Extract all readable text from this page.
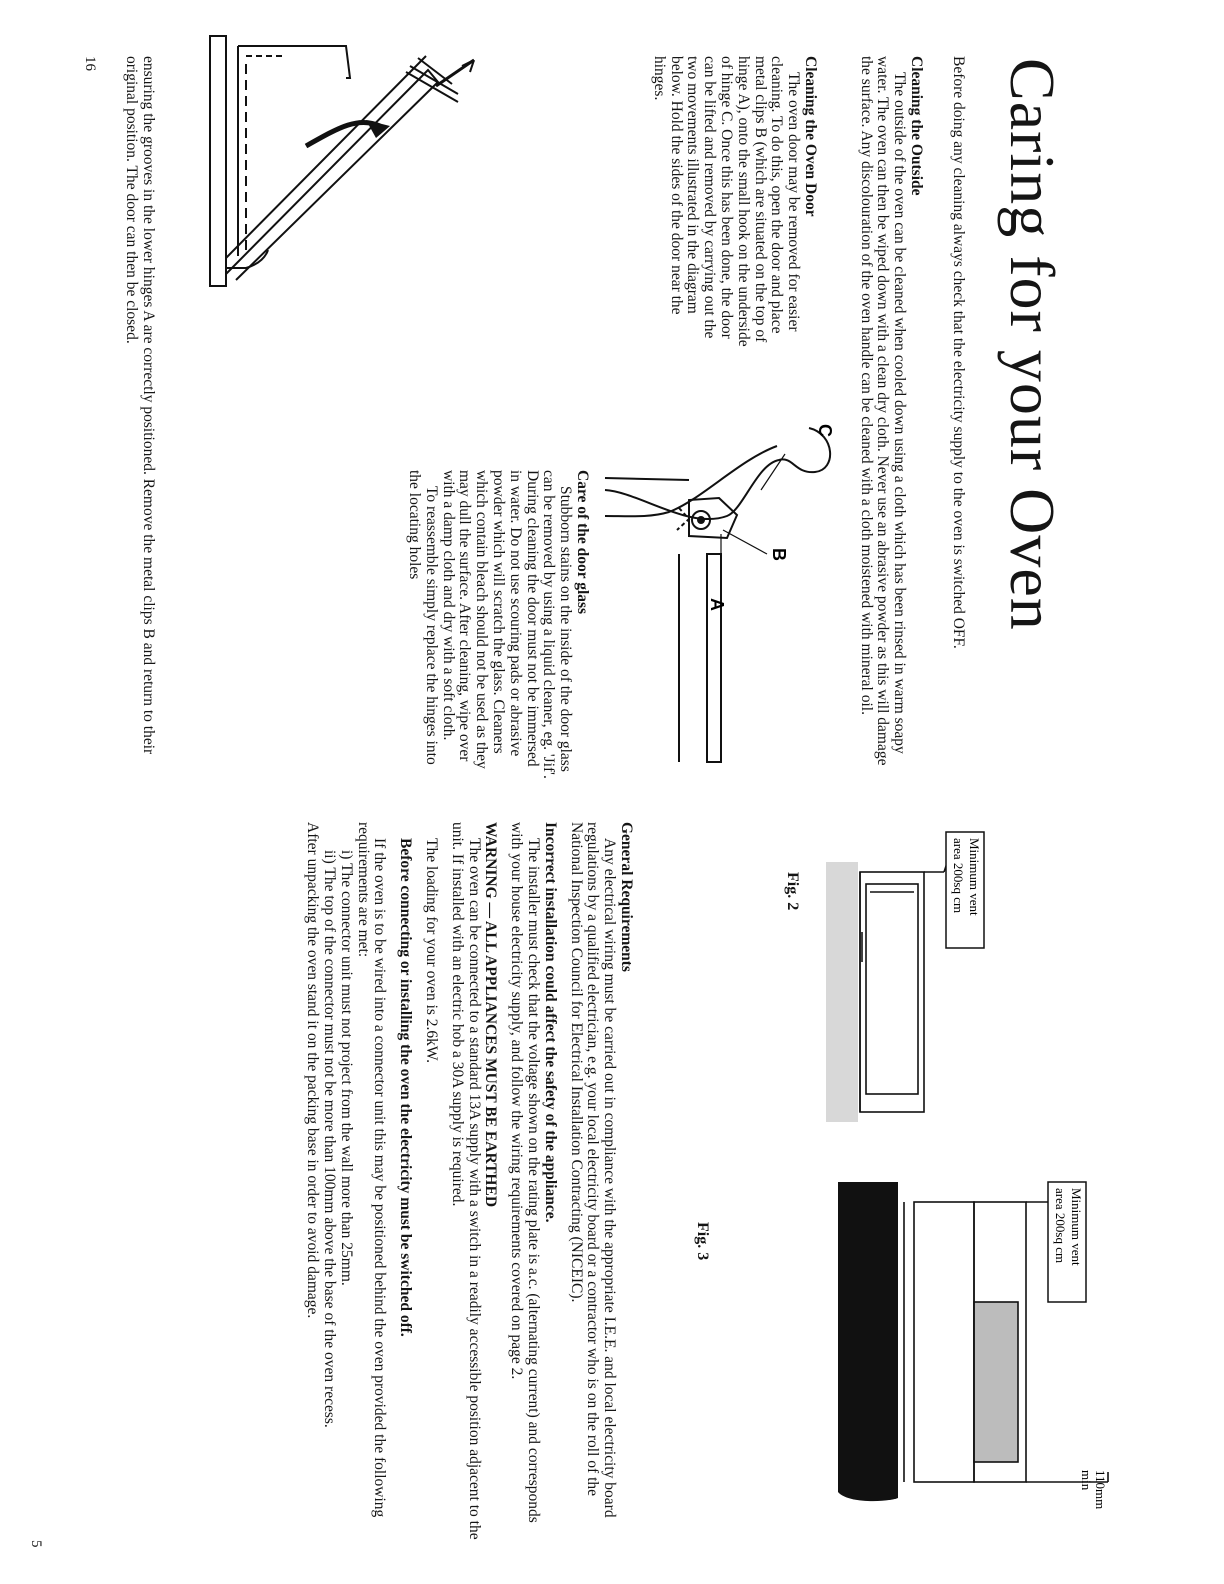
Caring for your Oven

Before doing any cleaning always check that the electricity supply to the oven is switched OFF.

Cleaning the Outside
The outside of the oven can be cleaned when cooled down using a cloth which has been rinsed in warm soapy water. The oven can then be wiped down with a clean dry cloth. Never use an abrasive powder as this will damage the surface. Any discolouration of the oven handle can be cleaned with a cloth moistened with mineral oil.
Cleaning the Oven Door
The oven door may be removed for easier cleaning. To do this, open the door and place metal clips B (which are situated on the top of hinge A), onto the small hook on the underside of hinge C. Once this has been done, the door can be lifted and removed by carrying out the two movements illustrated in the diagram below. Hold the sides of the door near the hinges.
C
B
A
Care of the door glass
Stubborn stains on the inside of the door glass can be removed by using a liquid cleaner, eg. 'Jif'. During cleaning the door must not be immersed in water. Do not use scouring pads or abrasive powder which will scratch the glass. Cleaners which contain bleach should not be used as they may dull the surface. After cleaning, wipe over with a damp cloth and dry with a soft cloth.
To reassemble simply replace the hinges into the locating holes

ensuring the grooves in the lower hinges A are correctly positioned. Remove the metal clips B and return to their original position. The door can then be closed.

16
Minimum vent
area 200sq cm
Fig. 2
Minimum vent
area 200sq cm
110mm
min
Fig. 3

General Requirements
Any electrical wiring must be carried out in compliance with the appropriate I.E.E. and local electricity board regulations by a qualified electrician, e.g. your local electricity board or a contractor who is on the roll of the National Inspection Council for Electrical Installation Contracting (NICEIC).

Incorrect installation could affect the safety of the appliance.
The installer must check that the voltage shown on the rating plate is a.c. (alternating current) and corresponds with your house electricity supply, and follow the wiring requirements covered on page 2.

WARNING — ALL APPLIANCES MUST BE EARTHED
The oven can be connected to a standard 13A supply with a switch in a readily accessible position adjacent to the unit. If installed with an electric hob a 30A supply is required.

The loading for your oven is 2.6kW.

Before connecting or installing the oven the electricity must be switched off.

If the oven is to be wired into a connector unit this may be positioned behind the oven provided the following requirements are met:
i) The connector unit must not project from the wall more than 25mm.
ii) The top of the connector must not be more than 100mm above the base of the oven recess.
After unpacking the oven stand it on the packing base in order to avoid damage.

5
